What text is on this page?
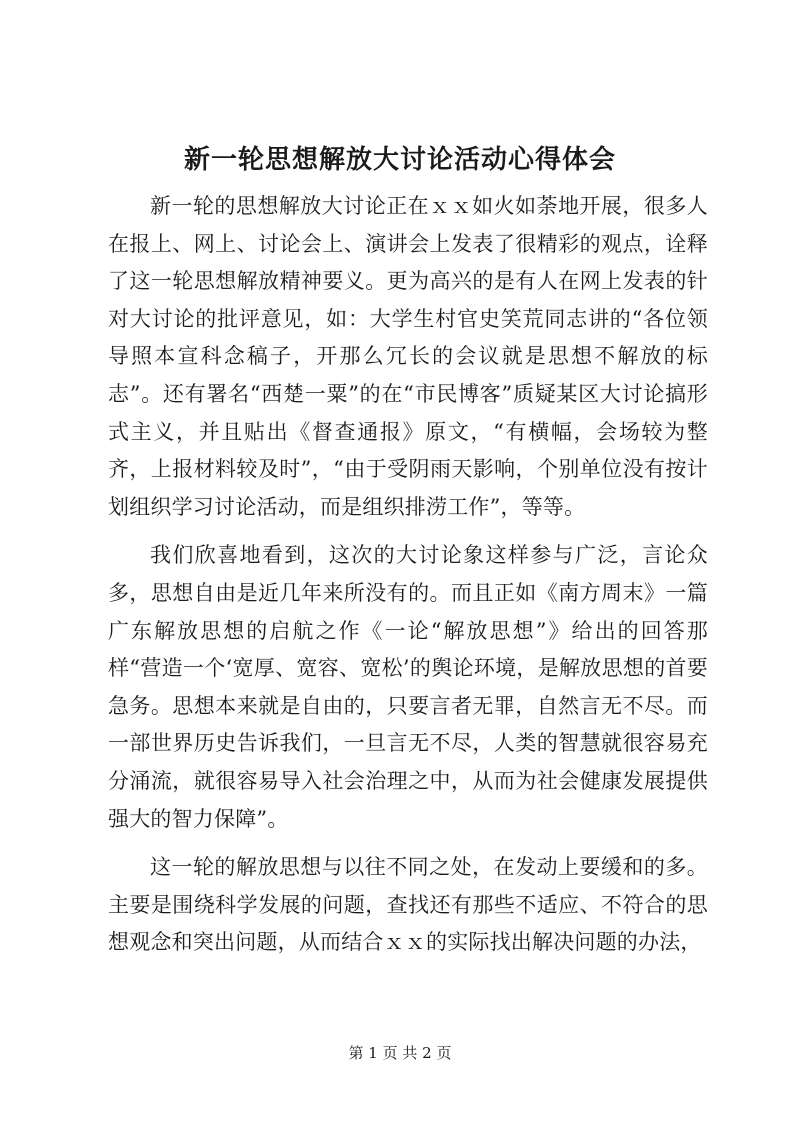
新一轮思想解放大讨论活动心得体会

新一轮的思想解放大讨论正在ｘｘ如火如荼地开展，很多人在报上、网上、讨论会上、演讲会上发表了很精彩的观点，诠释了这一轮思想解放精神要义。更为高兴的是有人在网上发表的针对大讨论的批评意见，如：大学生村官史笑荒同志讲的“各位领导照本宣科念稿子，开那么冗长的会议就是思想不解放的标志”。还有署名“西楚一粟”的在“市民博客”质疑某区大讨论搞形式主义，并且贴出《督查通报》原文，“有横幅，会场较为整齐，上报材料较及时”，“由于受阴雨天影响，个别单位没有按计划组织学习讨论活动，而是组织排涝工作”，等等。

我们欣喜地看到，这次的大讨论象这样参与广泛，言论众多，思想自由是近几年来所没有的。而且正如《南方周末》一篇广东解放思想的启航之作《一论“解放思想”》给出的回答那样“营造一个‘宽厚、宽容、宽松’的舆论环境，是解放思想的首要急务。思想本来就是自由的，只要言者无罪，自然言无不尽。而一部世界历史告诉我们，一旦言无不尽，人类的智慧就很容易充分涌流，就很容易导入社会治理之中，从而为社会健康发展提供强大的智力保障”。

这一轮的解放思想与以往不同之处，在发动上要缓和的多。主要是围绕科学发展的问题，查找还有那些不适应、不符合的思想观念和突出问题，从而结合ｘｘ的实际找出解决问题的办法，

第 1 页 共 2 页
